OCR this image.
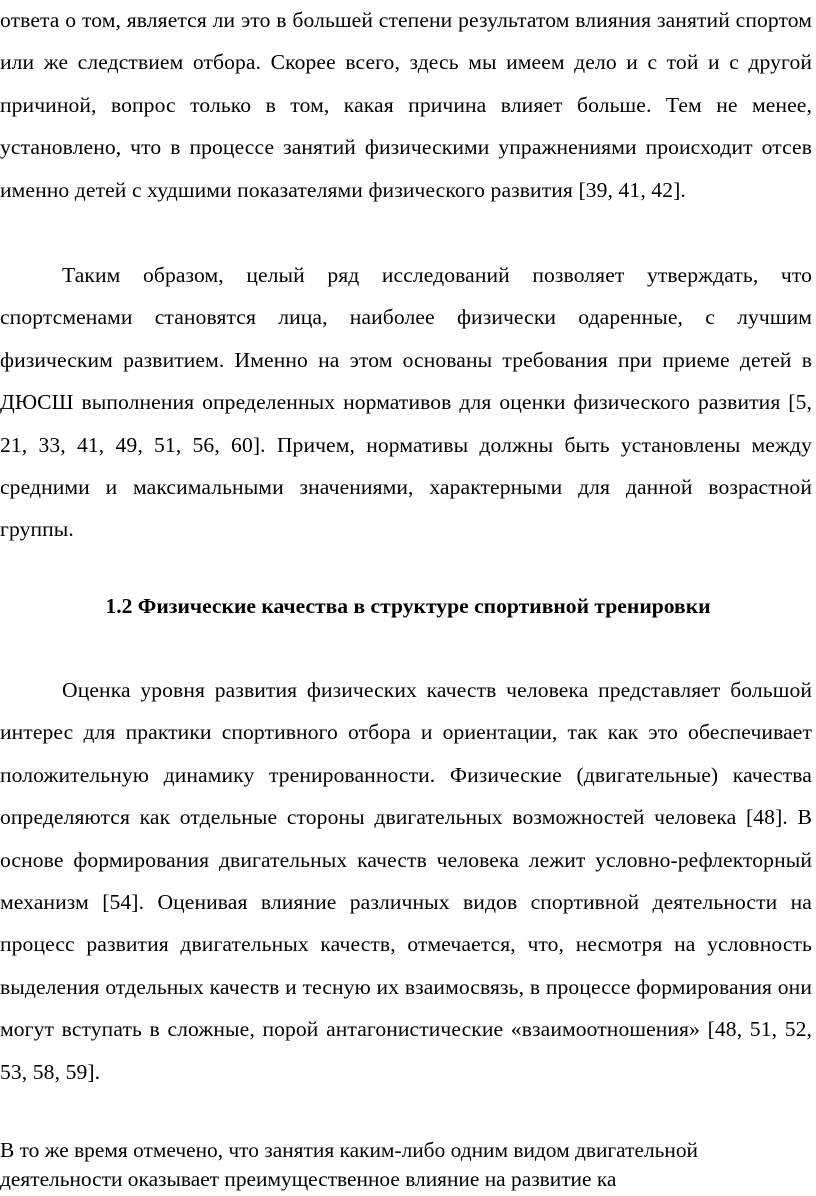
ответа о том, является ли это в большей степени результатом влияния занятий спортом или же следствием отбора. Скорее всего, здесь мы имеем дело и с той и с другой причиной, вопрос только в том, какая причина влияет больше. Тем не менее, установлено, что в процессе занятий физическими упражнениями происходит отсев именно детей с худшими показателями физического развития [39, 41, 42].

Таким образом, целый ряд исследований позволяет утверждать, что спортсменами становятся лица, наиболее физически одаренные, с лучшим физическим развитием. Именно на этом основаны требования при приеме детей в ДЮСШ выполнения определенных нормативов для оценки физического развития [5, 21, 33, 41, 49, 51, 56, 60]. Причем, нормативы должны быть установлены между средними и максимальными значениями, характерными для данной возрастной группы.

1.2 Физические качества в структуре спортивной тренировки

Оценка уровня развития физических качеств человека представляет большой интерес для практики спортивного отбора и ориентации, так как это обеспечивает положительную динамику тренированности. Физические (двигательные) качества определяются как отдельные стороны двигательных возможностей человека [48]. В основе формирования двигательных качеств человека лежит условно-рефлекторный механизм [54]. Оценивая влияние различных видов спортивной деятельности на процесс развития двигательных качеств, отмечается, что, несмотря на условность выделения отдельных качеств и тесную их взаимосвязь, в процессе формирования они могут вступать в сложные, порой антагонистические «взаимоотношения» [48, 51, 52, 53, 58, 59].

В то же время отмечено, что занятия каким-либо одним видом двигательной деятельности оказывает преимущественное влияние на развитие ка
